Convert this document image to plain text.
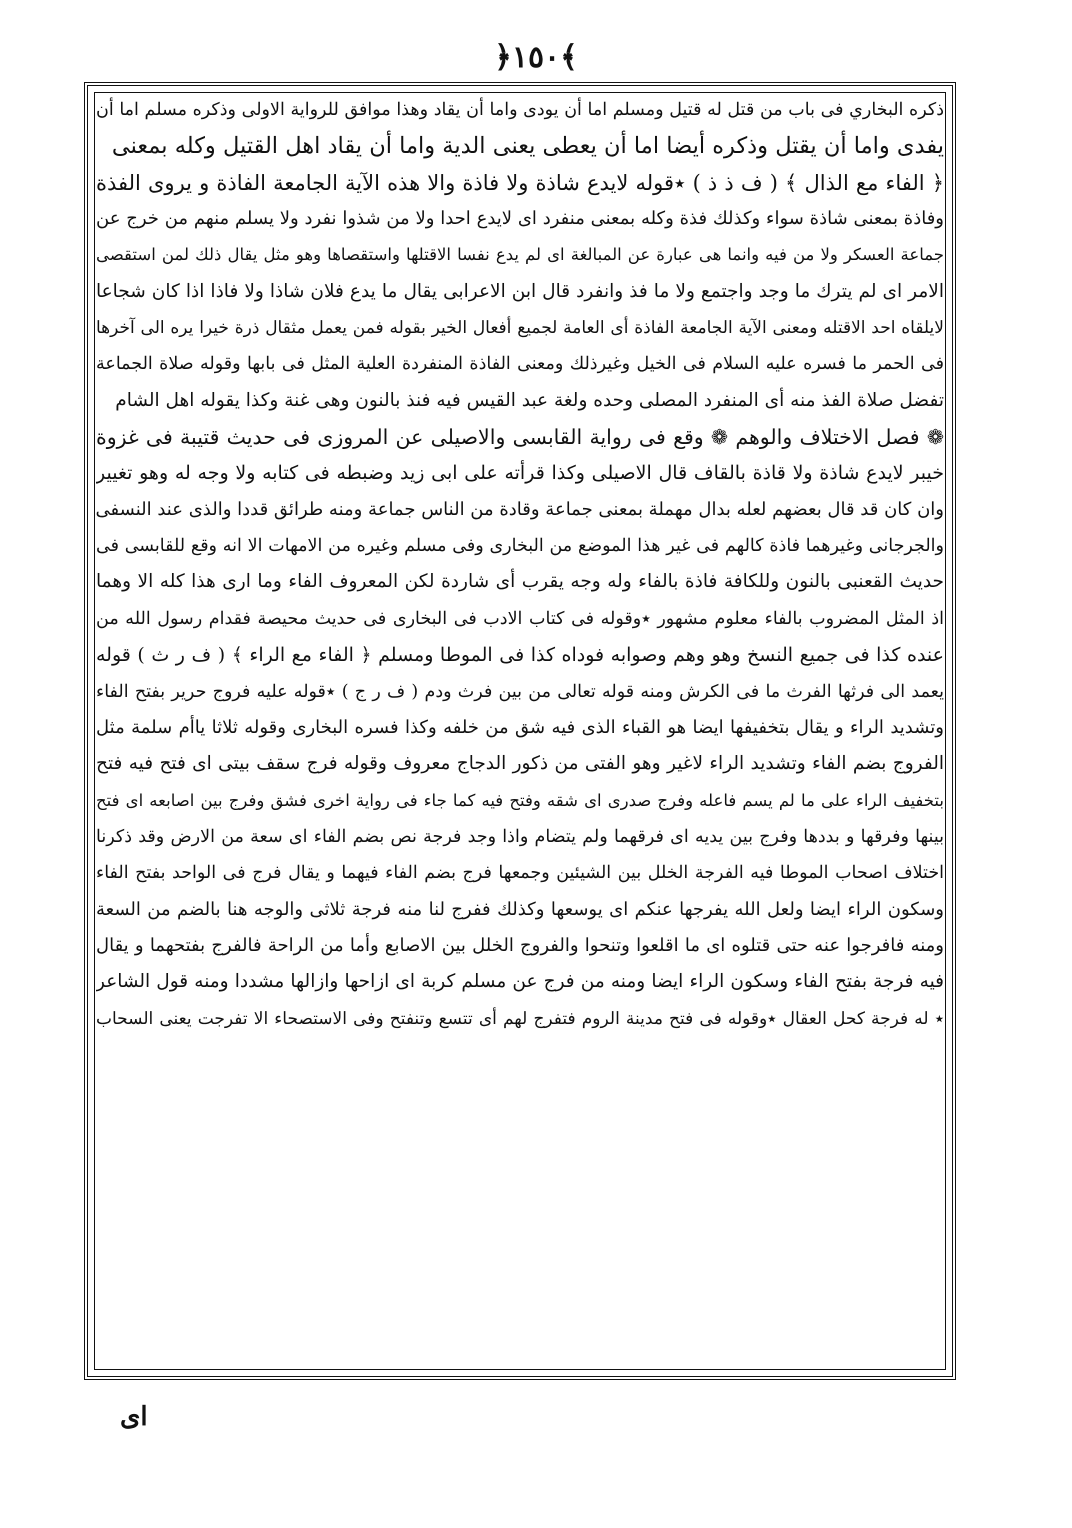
﴿١٥٠﴾
ذكره البخاري فى باب من قتل له قتيل ومسلم اما أن يودى واما أن يقاد وهذا موافق للرواية الاولى وذكره مسلم اما أن
يفدى واما أن يقتل وذكره أيضا اما أن يعطى يعنى الدية واما أن يقاد اهل القتيل وكله بمعنى
﴿ الفاء مع الذال ﴾ ( ف ذ ذ ) ٭قوله لايدع شاذة ولا فاذة والا هذه الآية الجامعة الفاذة و يروى الفذة
وفاذة بمعنى شاذة سواء وكذلك فذة وكله بمعنى منفرد اى لايدع احدا ولا من شذوا نفرد ولا يسلم منهم من خرج عن
جماعة العسكر ولا من فيه وانما هى عبارة عن المبالغة اى لم يدع نفسا الاقتلها واستقصاها وهو مثل يقال ذلك لمن استقصى
الامر اى لم يترك ما وجد واجتمع ولا ما فذ وانفرد قال ابن الاعرابى يقال ما يدع فلان شاذا ولا فاذا اذا كان شجاعا
لايلقاه احد الاقتله ومعنى الآية الجامعة الفاذة أى العامة لجميع أفعال الخير بقوله فمن يعمل مثقال ذرة خيرا يره الى آخرها
فى الحمر ما فسره عليه السلام فى الخيل وغيرذلك ومعنى الفاذة المنفردة العلية المثل فى بابها وقوله صلاة الجماعة
تفضل صلاة الفذ منه أى المنفرد المصلى وحده ولغة عبد القيس فيه فنذ بالنون وهى غنة وكذا يقوله اهل الشام
❁ فصل الاختلاف والوهم ❁ وقع فى رواية القابسى والاصيلى عن المروزى فى حديث قتيبة فى غزوة
خيبر لايدع شاذة ولا قاذة بالقاف قال الاصيلى وكذا قرأته على ابى زيد وضبطه فى كتابه ولا وجه له وهو تغيير
وان كان قد قال بعضهم لعله بدال مهملة بمعنى جماعة وقادة من الناس جماعة ومنه طرائق قددا والذى عند النسفى
والجرجانى وغيرهما فاذة كالهم فى غير هذا الموضع من البخارى وفى مسلم وغيره من الامهات الا انه وقع للقابسى فى
حديث القعنبى بالنون وللكافة فاذة بالفاء وله وجه يقرب أى شاردة لكن المعروف الفاء وما ارى هذا كله الا وهما
اذ المثل المضروب بالفاء معلوم مشهور ٭وقوله فى كتاب الادب فى البخارى فى حديث محيصة فقدام رسول الله من
عنده كذا فى جميع النسخ وهو وهم وصوابه فوداه كذا فى الموطا ومسلم ﴿ الفاء مع الراء ﴾ ( ف ر ث ) قوله
يعمد الى فرثها الفرث ما فى الكرش ومنه قوله تعالى من بين فرث ودم ( ف ر ج ) ٭قوله عليه فروج حرير بفتح الفاء
وتشديد الراء و يقال بتخفيفها ايضا هو القباء الذى فيه شق من خلفه وكذا فسره البخارى وقوله ثلاثا ياأم سلمة مثل
الفروج بضم الفاء وتشديد الراء لاغير وهو الفتى من ذكور الدجاج معروف وقوله فرج سقف بيتى اى فتح فيه فتح
بتخفيف الراء على ما لم يسم فاعله وفرج صدرى اى شقه وفتح فيه كما جاء فى رواية اخرى فشق وفرج بين اصابعه اى فتح
بينها وفرقها و بددها وفرج بين يديه اى فرقهما ولم يتضام واذا وجد فرجة نص بضم الفاء اى سعة من الارض وقد ذكرنا
اختلاف اصحاب الموطا فيه الفرجة الخلل بين الشيئين وجمعها فرج بضم الفاء فيهما و يقال فرج فى الواحد بفتح الفاء
وسكون الراء ايضا ولعل الله يفرجها عنكم اى يوسعها وكذلك ففرج لنا منه فرجة ثلاثى والوجه هنا بالضم من السعة
ومنه فافرجوا عنه حتى قتلوه اى ما اقلعوا وتنحوا والفروج الخلل بين الاصابع وأما من الراحة فالفرج بفتحهما و يقال
فيه فرجة بفتح الفاء وسكون الراء ايضا ومنه من فرج عن مسلم كربة اى ازاحها وازالها مشددا ومنه قول الشاعر
٭ له فرجة كحل العقال ٭وقوله فى فتح مدينة الروم فتفرج لهم أى تتسع وتنفتح وفى الاستصحاء الا تفرجت يعنى السحاب
اى
